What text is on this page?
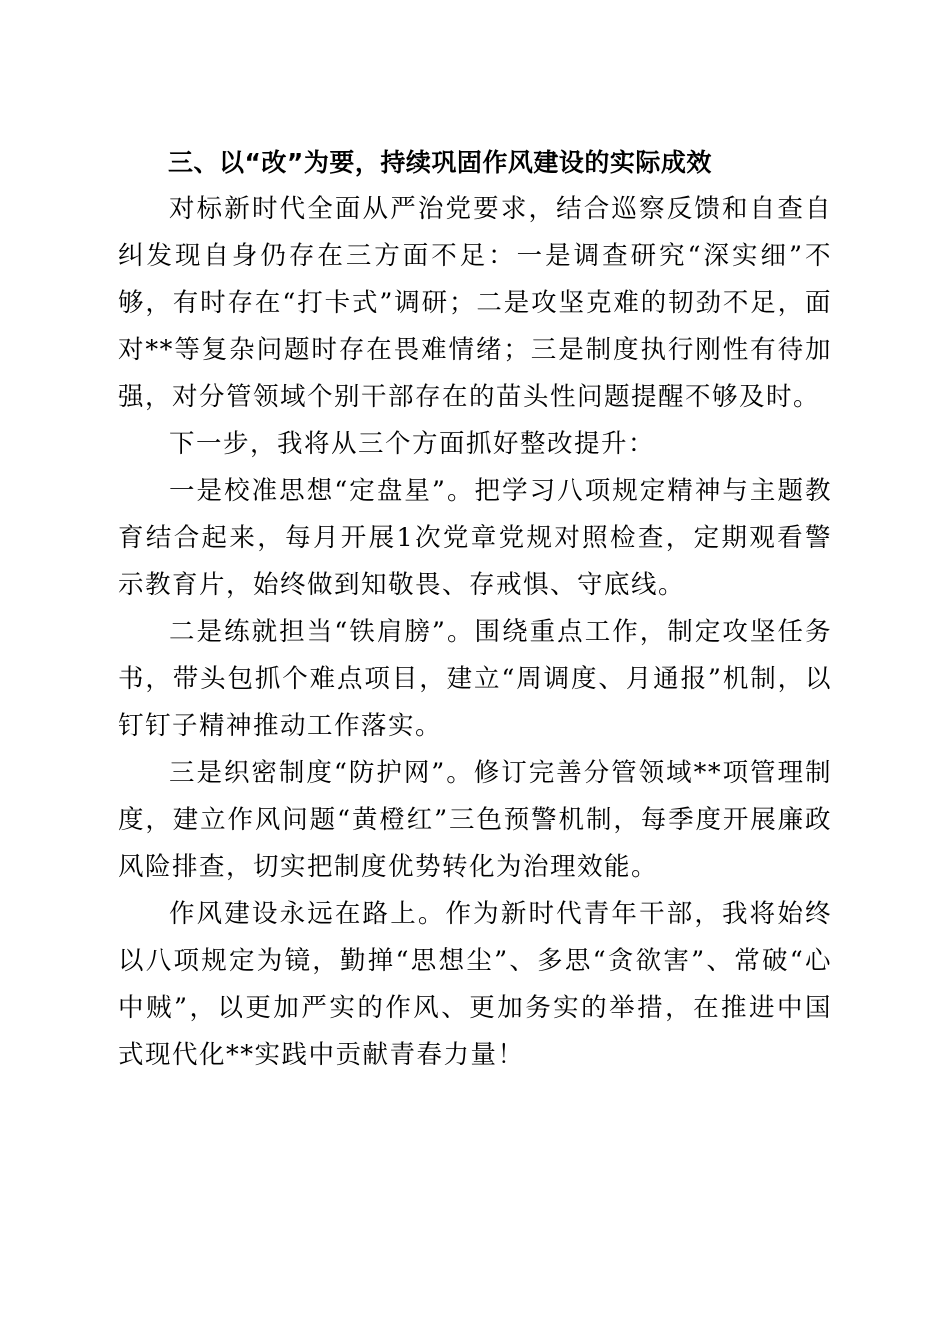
三、以“改”为要，持续巩固作风建设的实际成效

对标新时代全面从严治党要求，结合巡察反馈和自查自纠发现自身仍存在三方面不足：一是调查研究“深实细”不够，有时存在“打卡式”调研；二是攻坚克难的韧劲不足，面对**等复杂问题时存在畏难情绪；三是制度执行刚性有待加强，对分管领域个别干部存在的苗头性问题提醒不够及时。

下一步，我将从三个方面抓好整改提升：

一是校准思想“定盘星”。把学习八项规定精神与主题教育结合起来，每月开展1次党章党规对照检查，定期观看警示教育片，始终做到知敬畏、存戒惧、守底线。

二是练就担当“铁肩膀”。围绕重点工作，制定攻坚任务书，带头包抓个难点项目，建立“周调度、月通报”机制，以钉钉子精神推动工作落实。

三是织密制度“防护网”。修订完善分管领域**项管理制度，建立作风问题“黄橙红”三色预警机制，每季度开展廉政风险排查，切实把制度优势转化为治理效能。

作风建设永远在路上。作为新时代青年干部，我将始终以八项规定为镜，勤掸“思想尘”、多思“贪欲害”、常破“心中贼”，以更加严实的作风、更加务实的举措，在推进中国式现代化**实践中贡献青春力量！
